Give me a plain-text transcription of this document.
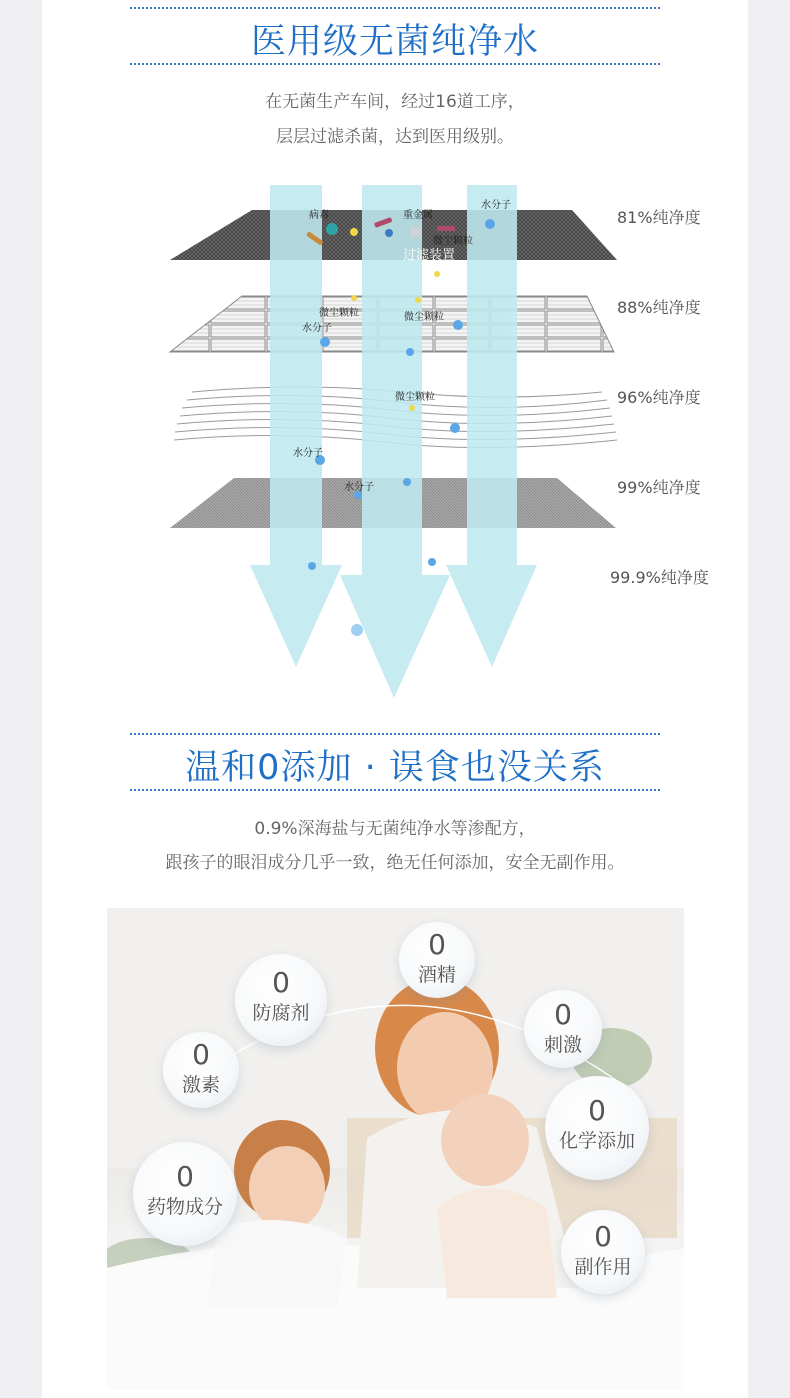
医用级无菌纯净水
在无菌生产车间，经过16道工序，
层层过滤杀菌，达到医用级别。
病毒	重金属
水分子
微尘颗粒
过滤装置
微尘颗粒
水分子
微尘颗粒
微尘颗粒
水分子
水分子
81%纯净度
88%纯净度
96%纯净度
99%纯净度
99.9%纯净度
温和0添加 · 误食也没关系
0.9%深海盐与无菌纯净水等渗配方，
跟孩子的眼泪成分几乎一致，绝无任何添加，安全无副作用。
0
酒精
0
防腐剂	0
刺激
0
激素
0
化学添加
0
药物成分
0
副作用
